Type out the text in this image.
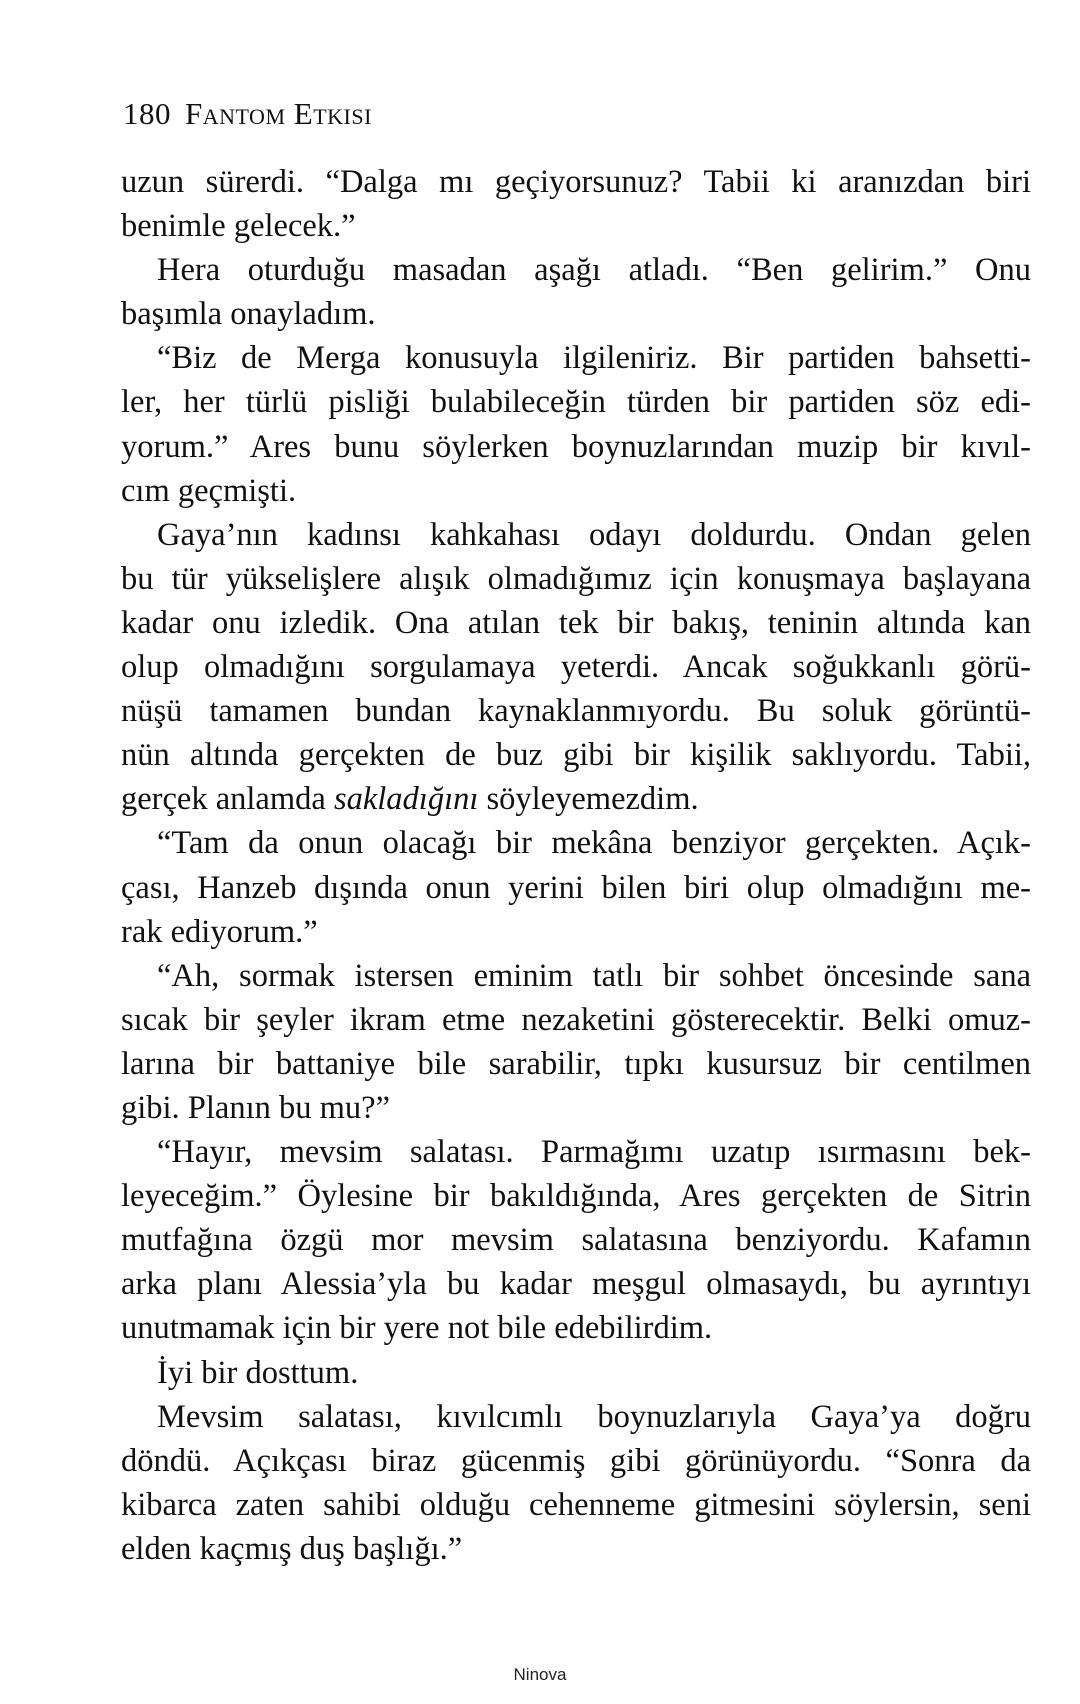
180 Fantom Etkisi
uzun sürerdi. “Dalga mı geçiyorsunuz? Tabii ki aranızdan biri
benimle gelecek.”
Hera oturduğu masadan aşağı atladı. “Ben gelirim.” Onu
başımla onayladım.
“Biz de Merga konusuyla ilgileniriz. Bir partiden bahsetti-
ler, her türlü pisliği bulabileceğin türden bir partiden söz edi-
yorum.” Ares bunu söylerken boynuzlarından muzip bir kıvıl-
cım geçmişti.
Gaya’nın kadınsı kahkahası odayı doldurdu. Ondan gelen
bu tür yükselişlere alışık olmadığımız için konuşmaya başlayana
kadar onu izledik. Ona atılan tek bir bakış, teninin altında kan
olup olmadığını sorgulamaya yeterdi. Ancak soğukkanlı görü-
nüşü tamamen bundan kaynaklanmıyordu. Bu soluk görüntü-
nün altında gerçekten de buz gibi bir kişilik saklıyordu. Tabii,
gerçek anlamda sakladığını söyleyemezdim.
“Tam da onun olacağı bir mekâna benziyor gerçekten. Açık-
çası, Hanzeb dışında onun yerini bilen biri olup olmadığını me-
rak ediyorum.”
“Ah, sormak istersen eminim tatlı bir sohbet öncesinde sana
sıcak bir şeyler ikram etme nezaketini gösterecektir. Belki omuz-
larına bir battaniye bile sarabilir, tıpkı kusursuz bir centilmen
gibi. Planın bu mu?”
“Hayır, mevsim salatası. Parmağımı uzatıp ısırmasını bek-
leyeceğim.” Öylesine bir bakıldığında, Ares gerçekten de Sitrin
mutfağına özgü mor mevsim salatasına benziyordu. Kafamın
arka planı Alessia’yla bu kadar meşgul olmasaydı, bu ayrıntıyı
unutmamak için bir yere not bile edebilirdim.
İyi bir dosttum.
Mevsim salatası, kıvılcımlı boynuzlarıyla Gaya’ya doğru
döndü. Açıkçası biraz gücenmiş gibi görünüyordu. “Sonra da
kibarca zaten sahibi olduğu cehenneme gitmesini söylersin, seni
elden kaçmış duş başlığı.”
Ninova
